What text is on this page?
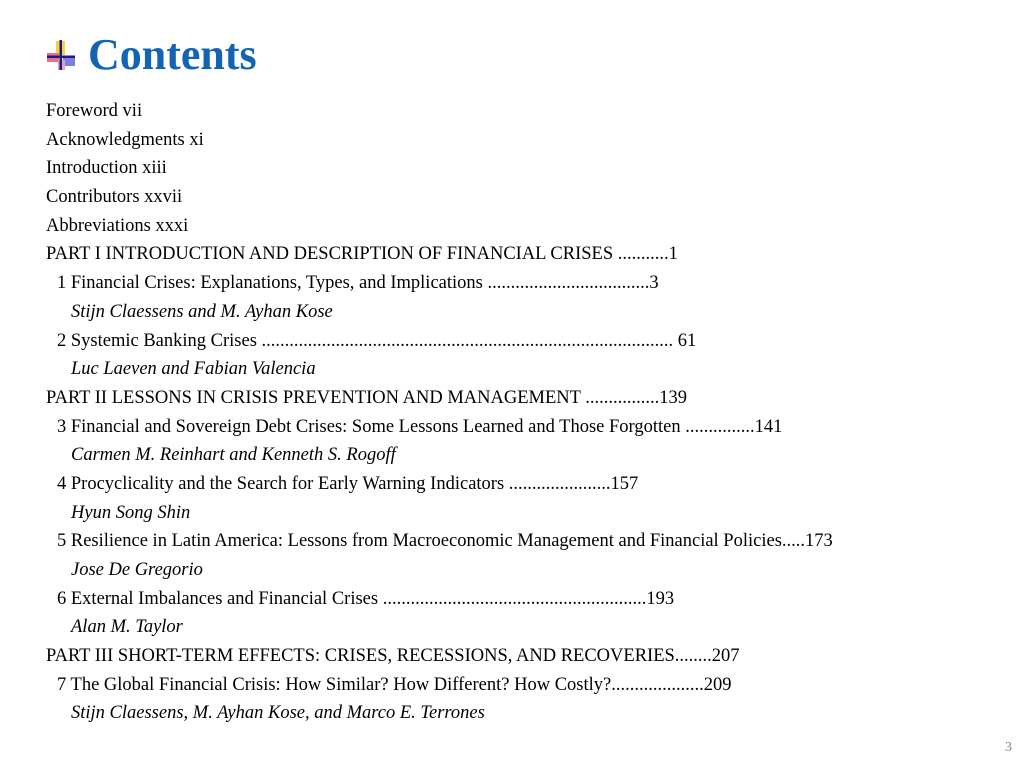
Contents
Foreword vii
Acknowledgments xi
Introduction xiii
Contributors xxvii
Abbreviations xxxi
PART I INTRODUCTION AND DESCRIPTION OF FINANCIAL CRISES ...........1
1 Financial Crises: Explanations, Types, and Implications ...................................3
Stijn Claessens and M. Ayhan Kose
2 Systemic Banking Crises ......................................................................................... 61
Luc Laeven and Fabian Valencia
PART II LESSONS IN CRISIS PREVENTION AND MANAGEMENT ................139
3 Financial and Sovereign Debt Crises: Some Lessons Learned and Those Forgotten ...............141
Carmen M. Reinhart and Kenneth S. Rogoff
4 Procyclicality and the Search for Early Warning Indicators ......................157
Hyun Song Shin
5 Resilience in Latin America: Lessons from Macroeconomic Management and Financial Policies.....173
Jose De Gregorio
6 External Imbalances and Financial Crises .........................................................193
Alan M. Taylor
PART III SHORT-TERM EFFECTS: CRISES, RECESSIONS, AND RECOVERIES........207
7 The Global Financial Crisis: How Similar? How Different? How Costly?....................209
Stijn Claessens, M. Ayhan Kose, and Marco E. Terrones
3
